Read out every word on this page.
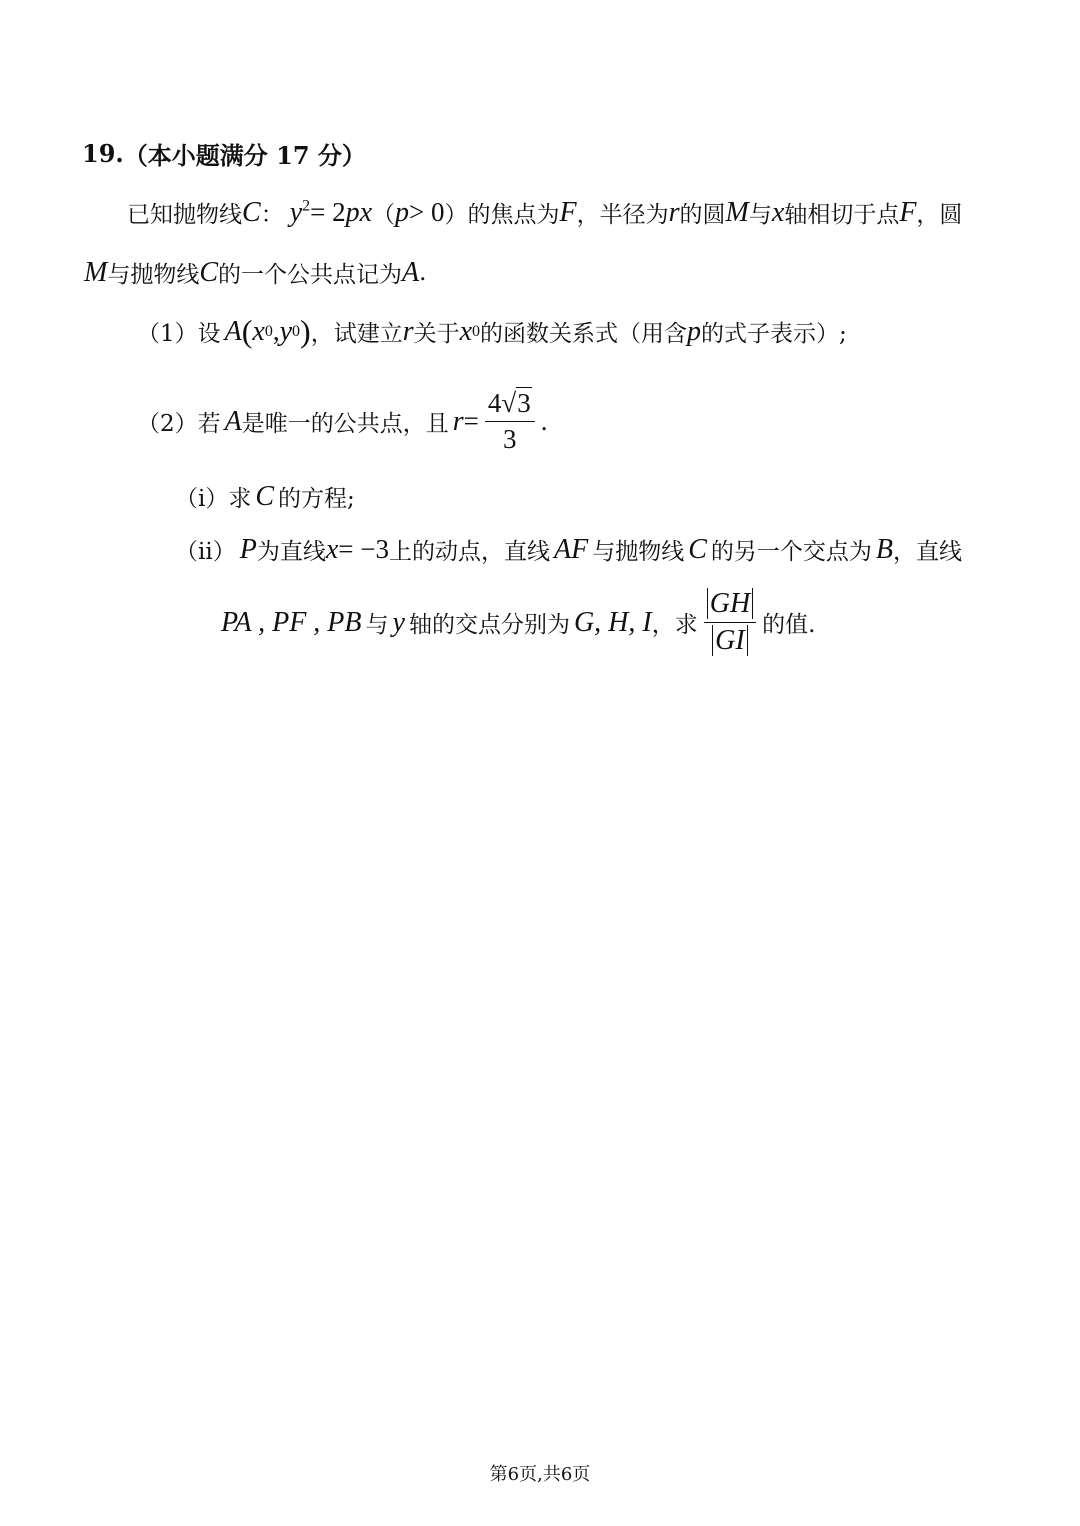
19. （本小题满分 17 分）
已知抛物线 C ： $y^2 = 2$ px （ p > 0 ） 的焦点为 F ，半径为 r 的圆 M 与 x 轴相切于点 F ，圆
M 与抛物线 C 的一个公共点记为 A .
（1）设 A ( x 0 , y 0 ) ，试建立 r 关于 x 0 的函数关系式（用含 p 的式子表示）;
（2）若 A 是唯一的公共点，且 $r = \frac{4√3}{3}$ .
（i）求 C 的方程;
（ii） P 为直线 x = −3 上的动点，直线 AF 与抛物线 C 的另一个交点为 B ，直线
PA , PF , PB 与 y 轴的交点分别为 G, H, I ，求 $\frac{GH}{GI}$ 的值.
第6页,共6页
